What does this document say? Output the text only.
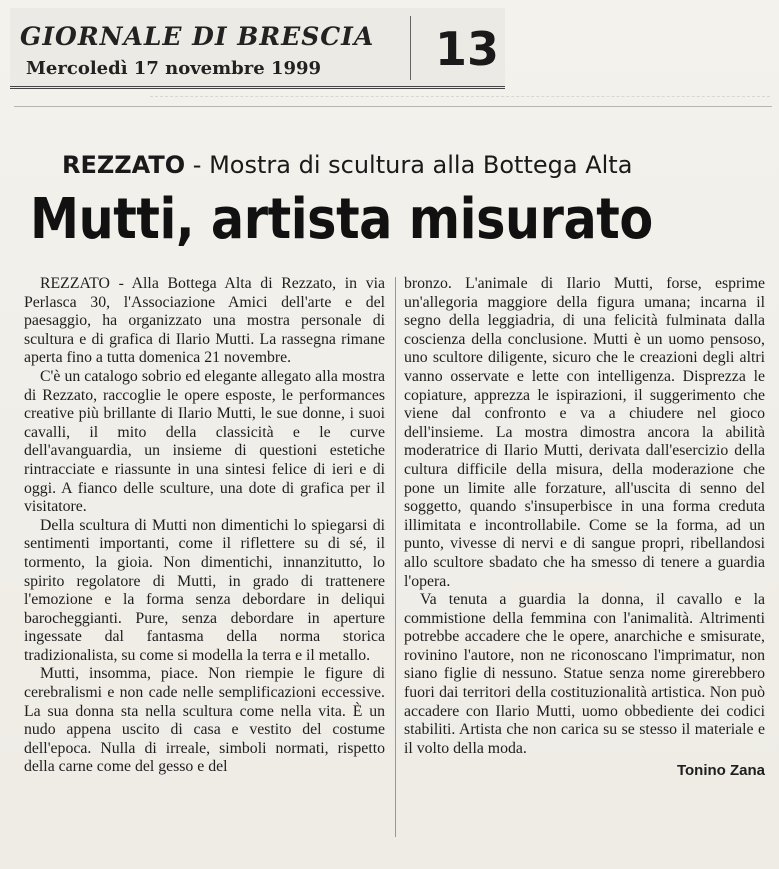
GIORNALE DI BRESCIA
Mercoledì 17 novembre 1999 13
REZZATO - Mostra di scultura alla Bottega Alta
Mutti, artista misurato

REZZATO - Alla Bottega Alta di Rezzato, in via Perlasca 30, l'Associazione Amici dell'arte e del paesaggio, ha organizzato una mostra personale di scultura e di grafica di Ilario Mutti. La rassegna rimane aperta fino a tutta domenica 21 novembre.

C'è un catalogo sobrio ed elegante allegato alla mostra di Rezzato, raccoglie le opere esposte, le performances creative più brillante di Ilario Mutti, le sue donne, i suoi cavalli, il mito della classicità e le curve dell'avanguardia, un insieme di questioni estetiche rintracciate e riassunte in una sintesi felice di ieri e di oggi. A fianco delle sculture, una dote di grafica per il visitatore.

Della scultura di Mutti non dimentichi lo spiegarsi di sentimenti importanti, come il riflettere su di sé, il tormento, la gioia. Non dimentichi, innanzitutto, lo spirito regolatore di Mutti, in grado di trattenere l'emozione e la forma senza debordare in deliqui barocheggianti. Pure, senza debordare in aperture ingessate dal fantasma della norma storica tradizionalista, su come si modella la terra e il metallo.

Mutti, insomma, piace. Non riempie le figure di cerebralismi e non cade nelle semplificazioni eccessive. La sua donna sta nella scultura come nella vita. È un nudo appena uscito di casa e vestito del costume dell'epoca. Nulla di irreale, simboli normati, rispetto della carne come del gesso e del

bronzo. L'animale di Ilario Mutti, forse, esprime un'allegoria maggiore della figura umana; incarna il segno della leggiadria, di una felicità fulminata dalla coscienza della conclusione. Mutti è un uomo pensoso, uno scultore diligente, sicuro che le creazioni degli altri vanno osservate e lette con intelligenza. Disprezza le copiature, apprezza le ispirazioni, il suggerimento che viene dal confronto e va a chiudere nel gioco dell'insieme. La mostra dimostra ancora la abilità moderatrice di Ilario Mutti, derivata dall'esercizio della cultura difficile della misura, della moderazione che pone un limite alle forzature, all'uscita di senno del soggetto, quando s'insuperbisce in una forma creduta illimitata e incontrollabile. Come se la forma, ad un punto, vivesse di nervi e di sangue propri, ribellandosi allo scultore sbadato che ha smesso di tenere a guardia l'opera.

Va tenuta a guardia la donna, il cavallo e la commistione della femmina con l'animalità. Altrimenti potrebbe accadere che le opere, anarchiche e smisurate, rovinino l'autore, non ne riconoscano l'imprimatur, non siano figlie di nessuno. Statue senza nome girerebbero fuori dai territori della costituzionalità artistica. Non può accadere con Ilario Mutti, uomo obbediente dei codici stabiliti. Artista che non carica su se stesso il materiale e il volto della moda.

Tonino Zana
